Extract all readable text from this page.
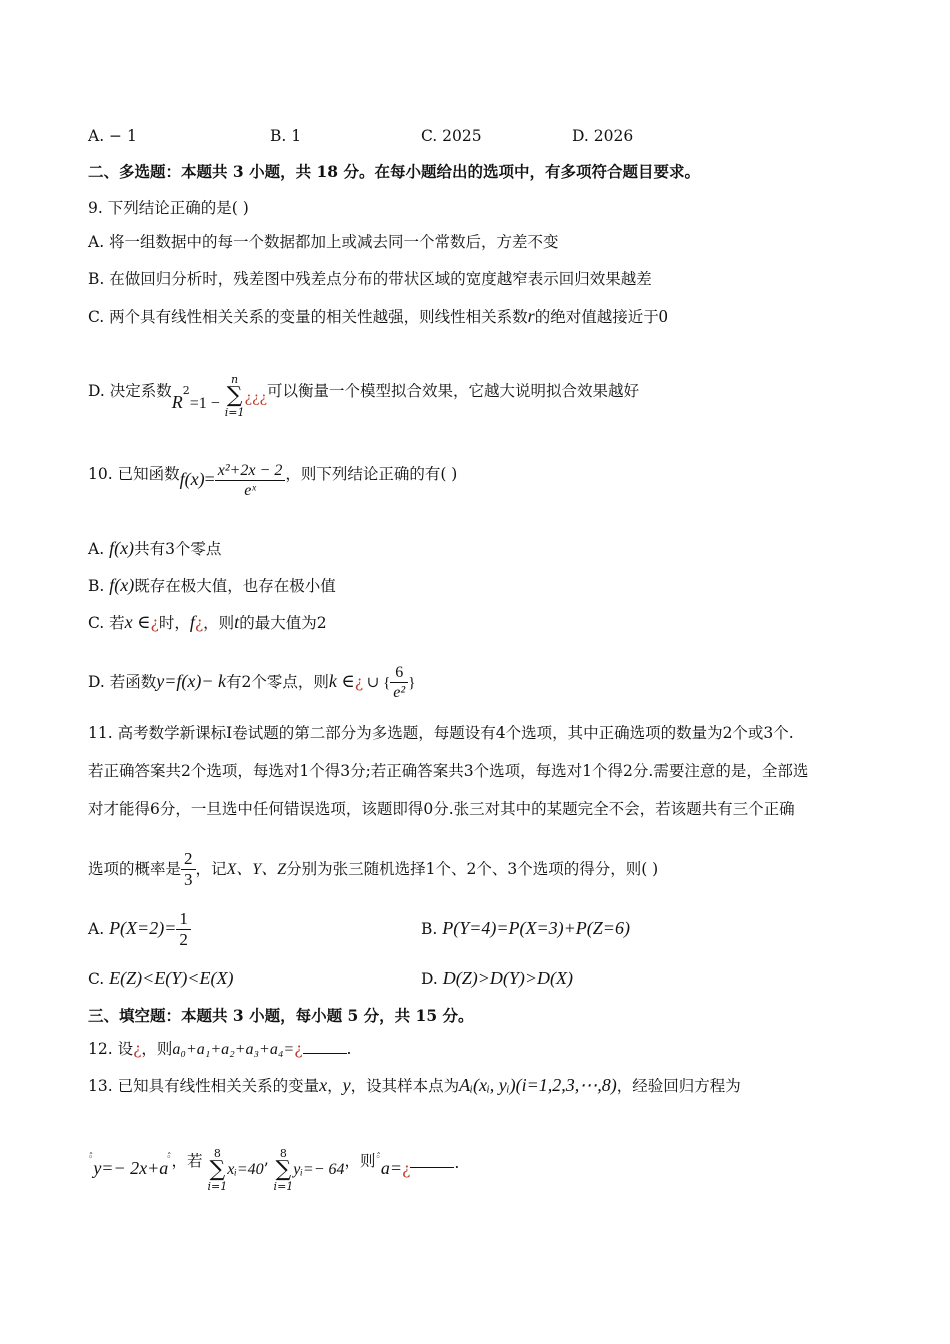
A. − 1	B. 1	C. 2025	D. 2026
二、多选题：本题共 3 小题，共 18 分。在每小题给出的选项中，有多项符合题目要求。
9. 下列结论正确的是( )
A. 将一组数据中的每一个数据都加上或减去同一个常数后，方差不变
B. 在做回归分析时，残差图中残差点分布的带状区域的宽度越窄表示回归效果越差
C. 两个具有线性相关关系的变量的相关性越强，则线性相关系数r的绝对值越接近于0
D. 决定系数$R^2=1$ −
n
∑
i=1
¿¿¿可以衡量一个模型拟合效果，它越大说明拟合效果越好
10. 已知函数$f(x)= \frac{\text{x²+2x − 2}}{\text{eˣ}}$ ，则下列结论正确的有( )
A. f(x)共有3个零点
B. f(x)既存在极大值，也存在极小值
C. 若x ∈¿时，f¿，则t的最大值为2
D. 若函数y=f(x)− k有2个零点，则k ∈¿ ∪ { $\frac{6}{\text{e²}}$ }
11. 高考数学新课标Ⅰ卷试题的第二部分为多选题，每题设有4个选项，其中正确选项的数量为2个或3个.
若正确答案共2个选项，每选对1个得3分;若正确答案共3个选项，每选对1个得2分.需要注意的是，全部选
对才能得6分，一旦选中任何错误选项，该题即得0分.张三对其中的某题完全不会，若该题共有三个正确
选项的概率是 $\frac{2}{3}$ ，记X、Y、Z分别为张三随机选择1个、2个、3个选项的得分，则( )
A. $P(X=2)= \frac{1}{2}$	B. P(Y=4)=P(X=3)+P(Z=6)
C. E(Z)<E(Y)<E(X)	D. D(Z)>D(Y)>D(X)
三、填空题：本题共 3 小题，每小题 5 分，共 15 分。
12. 设¿，则a₀+a₁+a₂+a₃+a₄=¿	.
13. 已知具有线性相关关系的变量x，y，设其样本点为Aᵢ(xᵢ, yᵢ)(i=1,2,3,⋯,8)，经验回归方程为
◦̂y=− 2x+a◦̂，若	8
∑
i=1
xᵢ=40’
8
∑
i=1
yᵢ=− 64，则◦̂a=¿	.
